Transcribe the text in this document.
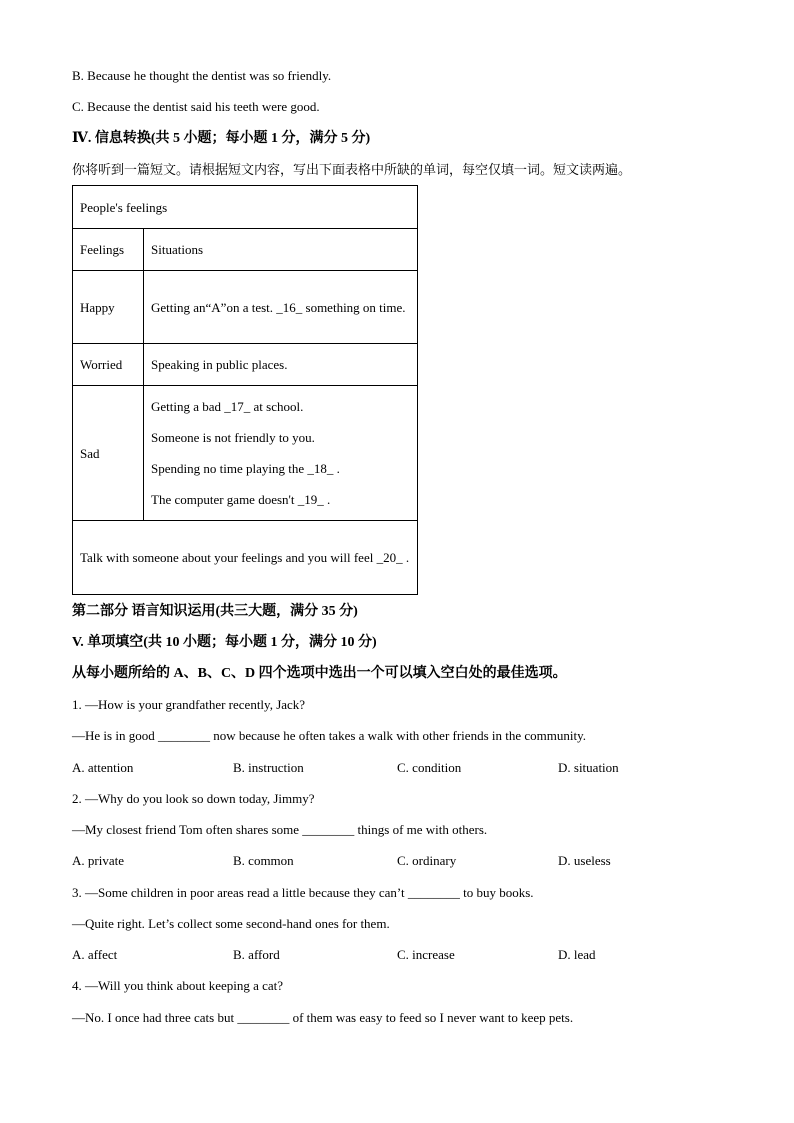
B. Because he thought the dentist was so friendly.
C. Because the dentist said his teeth were good.
Ⅳ. 信息转换(共 5 小题；每小题 1 分，满分 5 分)
你将听到一篇短文。请根据短文内容，写出下面表格中所缺的单词，每空仅填一词。短文读两遍。
People's feelings	
Feelings	Situations
Happy	Getting an“A”on a test. _16_ something on time.
Worried	Speaking in public places.
Sad	Getting a bad _17_ at school.
Someone is not friendly to you.
Spending no time playing the _18_ .
The computer game doesn't _19_ .

Talk with someone about your feelings and you will feel _20_ .	
第二部分 语言知识运用(共三大题，满分 35 分)
V. 单项填空(共 10 小题；每小题 1 分，满分 10 分)
从每小题所给的 A、B、C、D 四个选项中选出一个可以填入空白处的最佳选项。
1. —How is your grandfather recently, Jack?
—He is in good ________ now because he often takes a walk with other friends in the community.
A. attention	B. instruction	C. condition	D. situation
2. —Why do you look so down today, Jimmy?
—My closest friend Tom often shares some ________ things of me with others.
A. private	B. common	C. ordinary	D. useless
3. —Some children in poor areas read a little because they can’t ________ to buy books.
—Quite right. Let’s collect some second-hand ones for them.
A. affect	B. afford	C. increase	D. lead
4. —Will you think about keeping a cat?
—No. I once had three cats but ________ of them was easy to feed so I never want to keep pets.
